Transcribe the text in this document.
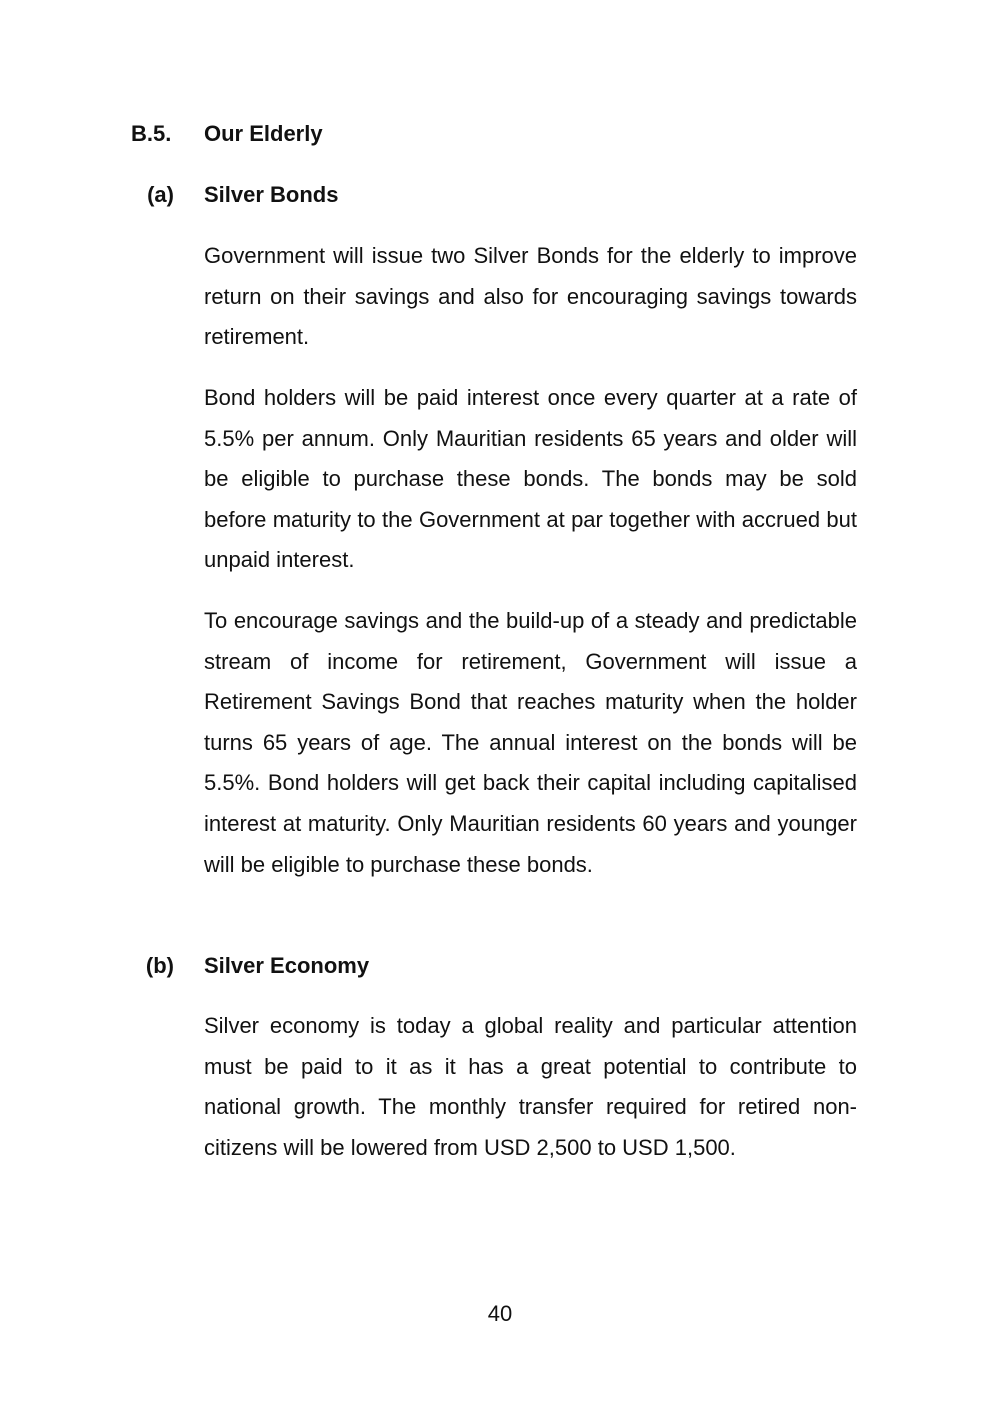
B.5. Our Elderly
(a) Silver Bonds

Government will issue two Silver Bonds for the elderly to improve return on their savings and also for encouraging savings towards retirement.

Bond holders will be paid interest once every quarter at a rate of 5.5% per annum. Only Mauritian residents 65 years and older will be eligible to purchase these bonds. The bonds may be sold before maturity to the Government at par together with accrued but unpaid interest.

To encourage savings and the build-up of a steady and predictable stream of income for retirement, Government will issue a Retirement Savings Bond that reaches maturity when the holder turns 65 years of age. The annual interest on the bonds will be 5.5%. Bond holders will get back their capital including capitalised interest at maturity. Only Mauritian residents 60 years and younger will be eligible to purchase these bonds.

(b) Silver Economy

Silver economy is today a global reality and particular attention must be paid to it as it has a great potential to contribute to national growth. The monthly transfer required for retired non-citizens will be lowered from USD 2,500 to USD 1,500.

40
